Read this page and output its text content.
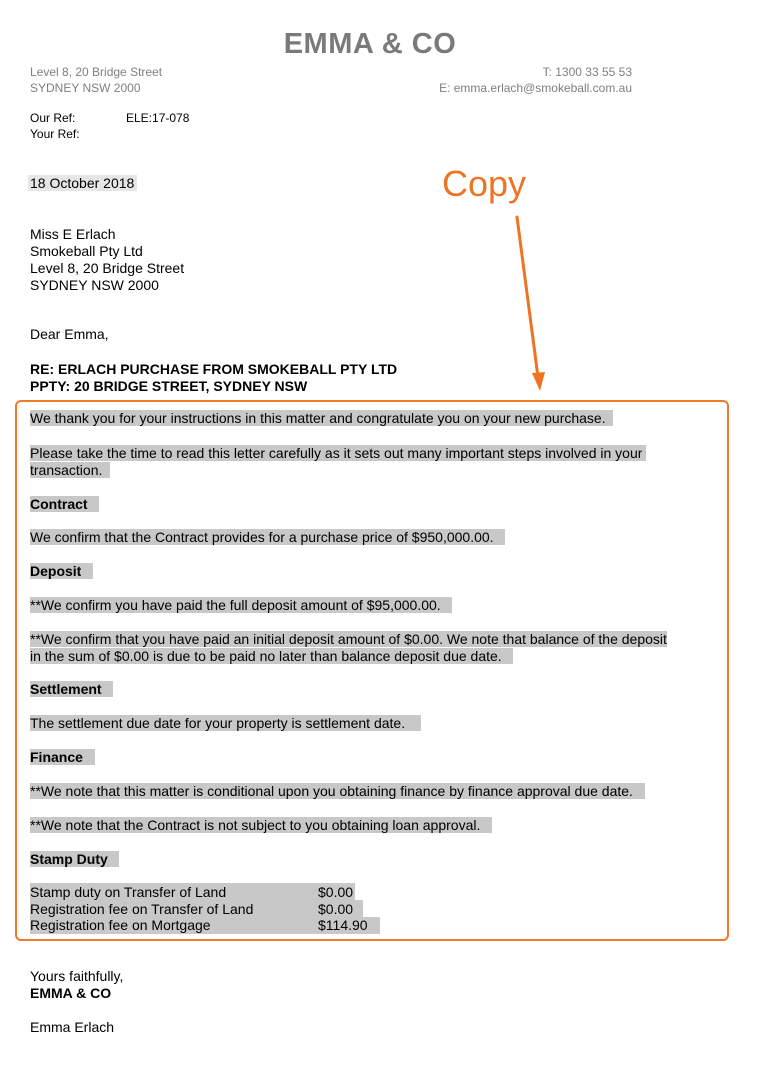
EMMA & CO
Level 8, 20 Bridge Street
SYDNEY NSW 2000
T: 1300 33 55 53
E: emma.erlach@smokeball.com.au
Our Ref:	ELE:17-078
Your Ref:
18 October 2018
Miss E Erlach
Smokeball Pty Ltd
Level 8, 20 Bridge Street
SYDNEY NSW 2000
Dear Emma,
RE: ERLACH PURCHASE FROM SMOKEBALL PTY LTD
PPTY: 20 BRIDGE STREET, SYDNEY NSW
Copy
We thank you for your instructions in this matter and congratulate you on your new purchase.
Please take the time to read this letter carefully as it sets out many important steps involved in your
transaction.
Contract
We confirm that the Contract provides for a purchase price of $950,000.00.
Deposit
**We confirm you have paid the full deposit amount of $95,000.00.
**We confirm that you have paid an initial deposit amount of $0.00. We note that balance of the deposit
in the sum of $0.00 is due to be paid no later than balance deposit due date.
Settlement
The settlement due date for your property is settlement date.
Finance
**We note that this matter is conditional upon you obtaining finance by finance approval due date.
**We note that the Contract is not subject to you obtaining loan approval.
Stamp Duty
Stamp duty on Transfer of Land	$0.00
Registration fee on Transfer of Land	$0.00
Registration fee on Mortgage	$114.90
Yours faithfully,
EMMA & CO
Emma Erlach
